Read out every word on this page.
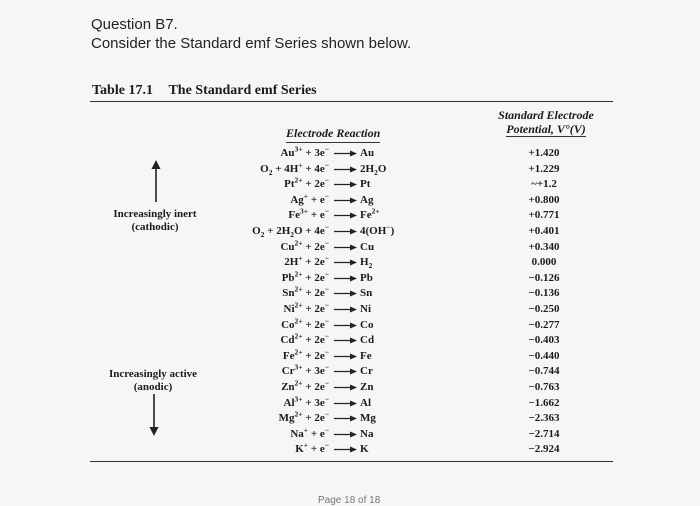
Question B7.
Consider the Standard emf Series shown below.
Table 17.1 The Standard emf Series
Electrode Reaction
Standard Electrode
Potential, V°(V)
$Au^{3+} + 3e^- \to Au$	+1.420
$O_2 + 4H^+ + 4e^- \to 2H_2O$	+1.229
$Pt^{2+} + 2e^- \to Pt$	~+1.2
Ag+ + e− → Ag	+0.800
$Fe^{3+} + e^- \to Fe^{2+}$	+0.771
$O_2 + 2H_2O + 4e^- \to 4(OH^-)$	+0.401
$Cu^{2+} + 2e^- \to Cu$	+0.340
$2H^+ + 2e^- \to H_2$	0.000
$Pb^{2+} + 2e^- \to Pb$	−0.126
$Sn^{2+} + 2e^- \to Sn$	−0.136
$Ni^{2+} + 2e^- \to Ni$	−0.250
$Co^{2+} + 2e^- \to Co$	−0.277
$Cd^{2+} + 2e^- \to Cd$	−0.403
$Fe^{2+} + 2e^- \to Fe$	−0.440
$Cr^{3+} + 3e^- \to Cr$	−0.744
$Zn^{2+} + 2e^- \to Zn$	−0.763
$Al^{3+} + 3e^- \to Al$	−1.662
$Mg^{2+} + 2e^- \to Mg$	−2.363
Na+ + e− → Na	−2.714
K+ + e− → K	−2.924
Increasingly inert
(cathodic)
Increasingly active
(anodic)
Page 18 of 18
